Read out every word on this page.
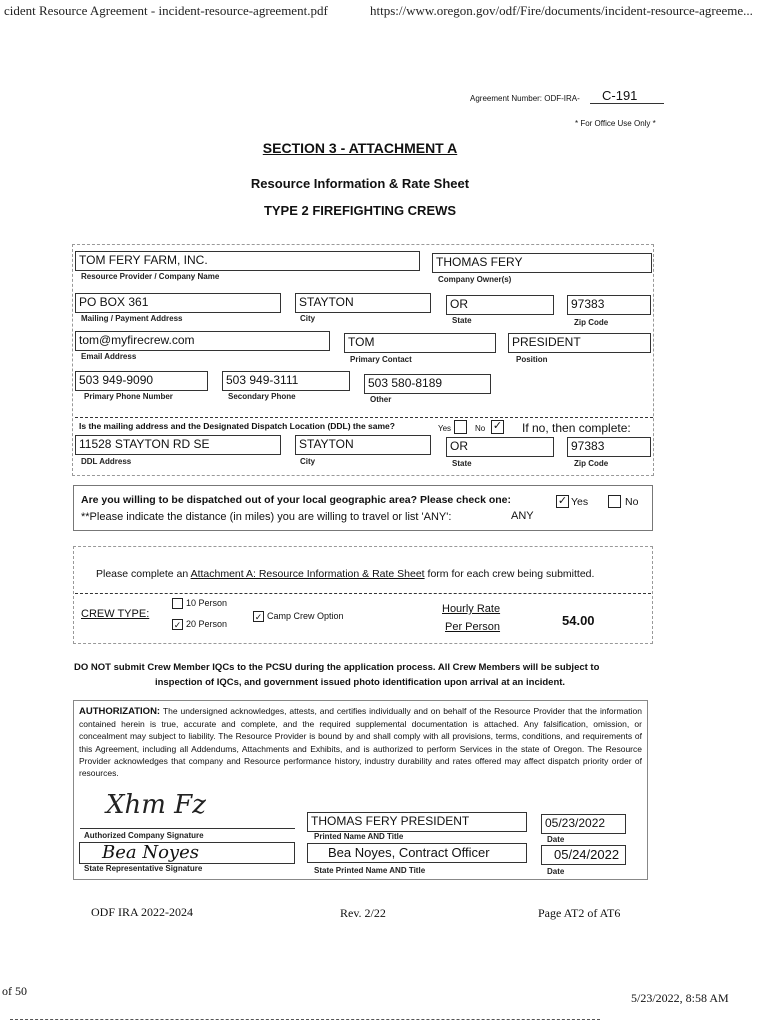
cident Resource Agreement - incident-resource-agreement.pdf	https://www.oregon.gov/odf/Fire/documents/incident-resource-agreeme...
Agreement Number: ODF-IRA-	C-191
* For Office Use Only *
SECTION 3 - ATTACHMENT A
Resource Information & Rate Sheet
TYPE 2 FIREFIGHTING CREWS
TOM FERY FARM, INC.
Resource Provider / Company Name
THOMAS FERY
Company Owner(s)
PO BOX 361
Mailing / Payment Address
STAYTON
City
OR
State
97383
Zip Code
tom@myfirecrew.com
Email Address
TOM
Primary Contact
PRESIDENT
Position
503 949-9090
Primary Phone Number
503 949-3111
Secondary Phone
503 580-8189
Other
Is the mailing address and the Designated Dispatch Location (DDL) the same?	Yes	No ✓ If no, then complete:
11528 STAYTON RD SE
DDL Address
STAYTON
City
OR
State
97383
Zip Code
Are you willing to be dispatched out of your local geographic area? Please check one:	✓ Yes	No
**Please indicate the distance (in miles) you are willing to travel or list 'ANY':	ANY
Please complete an Attachment A: Resource Information & Rate Sheet form for each crew being submitted.
CREW TYPE:
10 Person
✓ 20 Person
✓ Camp Crew Option
Hourly Rate
Per Person	54.00
DO NOT submit Crew Member IQCs to the PCSU during the application process. All Crew Members will be subject to
inspection of IQCs, and government issued photo identification upon arrival at an incident.
AUTHORIZATION: The undersigned acknowledges, attests, and certifies individually and on behalf of the Resource Provider that the information contained herein is true, accurate and complete, and the required supplemental documentation is attached. Any falsification, omission, or concealment may subject to liability. The Resource Provider is bound by and shall comply with all provisions, terms, conditions, and requirements of this Agreement, including all Addendums, Attachments and Exhibits, and is authorized to perform Services in the state of Oregon. The Resource Provider acknowledges that company and Resource performance history, industry durability and rates offered may affect dispatch priority order of resources.
Xhm Fz
Authorized Company Signature
THOMAS FERY PRESIDENT
Printed Name AND Title
05/23/2022
Date
Bea Noyes
State Representative Signature
Bea Noyes, Contract Officer
State Printed Name AND Title
05/24/2022
Date
ODF IRA 2022-2024	Rev. 2/22	Page AT2 of AT6
of 50	5/23/2022, 8:58 AM
